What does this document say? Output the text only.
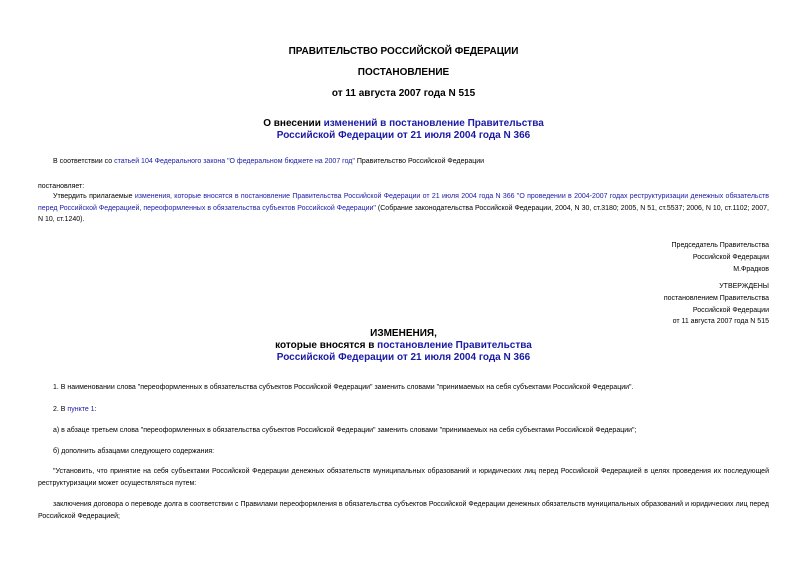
ПРАВИТЕЛЬСТВО РОССИЙСКОЙ ФЕДЕРАЦИИ
ПОСТАНОВЛЕНИЕ
от 11 августа 2007 года N 515
О внесении изменений в постановление Правительства
Российской Федерации от 21 июля 2004 года N 366
В соответствии со статьей 104 Федерального закона "О федеральном бюджете на 2007 год" Правительство Российской Федерации
постановляет:
Утвердить прилагаемые изменения, которые вносятся в постановление Правительства Российской Федерации от 21 июля 2004 года N 366 "О проведении в 2004-2007 годах реструктуризации денежных обязательств перед Российской Федерацией, переоформленных в обязательства субъектов Российской Федерации" (Собрание законодательства Российской Федерации, 2004, N 30, ст.3180; 2005, N 51, ст.5537; 2006, N 10, ст.1102; 2007, N 10, ст.1240).
Председатель Правительства
Российской Федерации
М.Фрадков
УТВЕРЖДЕНЫ
постановлением Правительства
Российской Федерации
от 11 августа 2007 года N 515
ИЗМЕНЕНИЯ,
которые вносятся в постановление Правительства
Российской Федерации от 21 июля 2004 года N 366
1. В наименовании слова "переоформленных в обязательства субъектов Российской Федерации" заменить словами "принимаемых на себя субъектами Российской Федерации".
2. В пункте 1:
а) в абзаце третьем слова "переоформленных в обязательства субъектов Российской Федерации" заменить словами "принимаемых на себя субъектами Российской Федерации";
б) дополнить абзацами следующего содержания:
"Установить, что принятие на себя субъектами Российской Федерации денежных обязательств муниципальных образований и юридических лиц перед Российской Федерацией в целях проведения их последующей реструктуризации может осуществляться путем:
заключения договора о переводе долга в соответствии с Правилами переоформления в обязательства субъектов Российской Федерации денежных обязательств муниципальных образований и юридических лиц перед Российской Федерацией;
